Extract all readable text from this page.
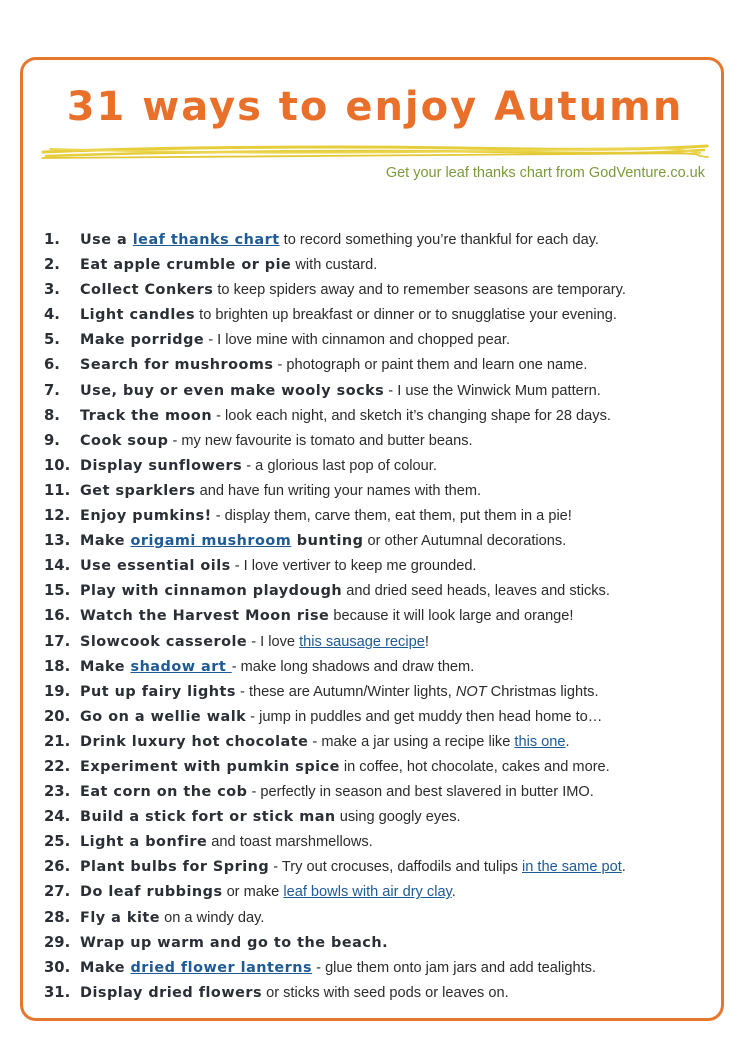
31 ways to enjoy Autumn
Get your leaf thanks chart from GodVenture.co.uk
1. Use a leaf thanks chart to record something you’re thankful for each day.
2. Eat apple crumble or pie with custard.
3. Collect Conkers to keep spiders away and to remember seasons are temporary.
4. Light candles to brighten up breakfast or dinner or to snugglatise your evening.
5. Make porridge - I love mine with cinnamon and chopped pear.
6. Search for mushrooms - photograph or paint them and learn one name.
7. Use, buy or even make wooly socks - I use the Winwick Mum pattern.
8. Track the moon - look each night, and sketch it’s changing shape for 28 days.
9. Cook soup - my new favourite is tomato and butter beans.
10. Display sunflowers - a glorious last pop of colour.
11. Get sparklers and have fun writing your names with them.
12. Enjoy pumkins! - display them, carve them, eat them, put them in a pie!
13. Make origami mushroom bunting or other Autumnal decorations.
14. Use essential oils - I love vertiver to keep me grounded.
15. Play with cinnamon playdough and dried seed heads, leaves and sticks.
16. Watch the Harvest Moon rise because it will look large and orange!
17. Slowcook casserole - I love this sausage recipe!
18. Make shadow art - make long shadows and draw them.
19. Put up fairy lights - these are Autumn/Winter lights, NOT Christmas lights.
20. Go on a wellie walk - jump in puddles and get muddy then head home to…
21. Drink luxury hot chocolate - make a jar using a recipe like this one.
22. Experiment with pumkin spice in coffee, hot chocolate, cakes and more.
23. Eat corn on the cob - perfectly in season and best slavered in butter IMO.
24. Build a stick fort or stick man using googly eyes.
25. Light a bonfire and toast marshmellows.
26. Plant bulbs for Spring - Try out crocuses, daffodils and tulips in the same pot.
27. Do leaf rubbings or make leaf bowls with air dry clay.
28. Fly a kite on a windy day.
29. Wrap up warm and go to the beach.
30. Make dried flower lanterns - glue them onto jam jars and add tealights.
31. Display dried flowers or sticks with seed pods or leaves on.
